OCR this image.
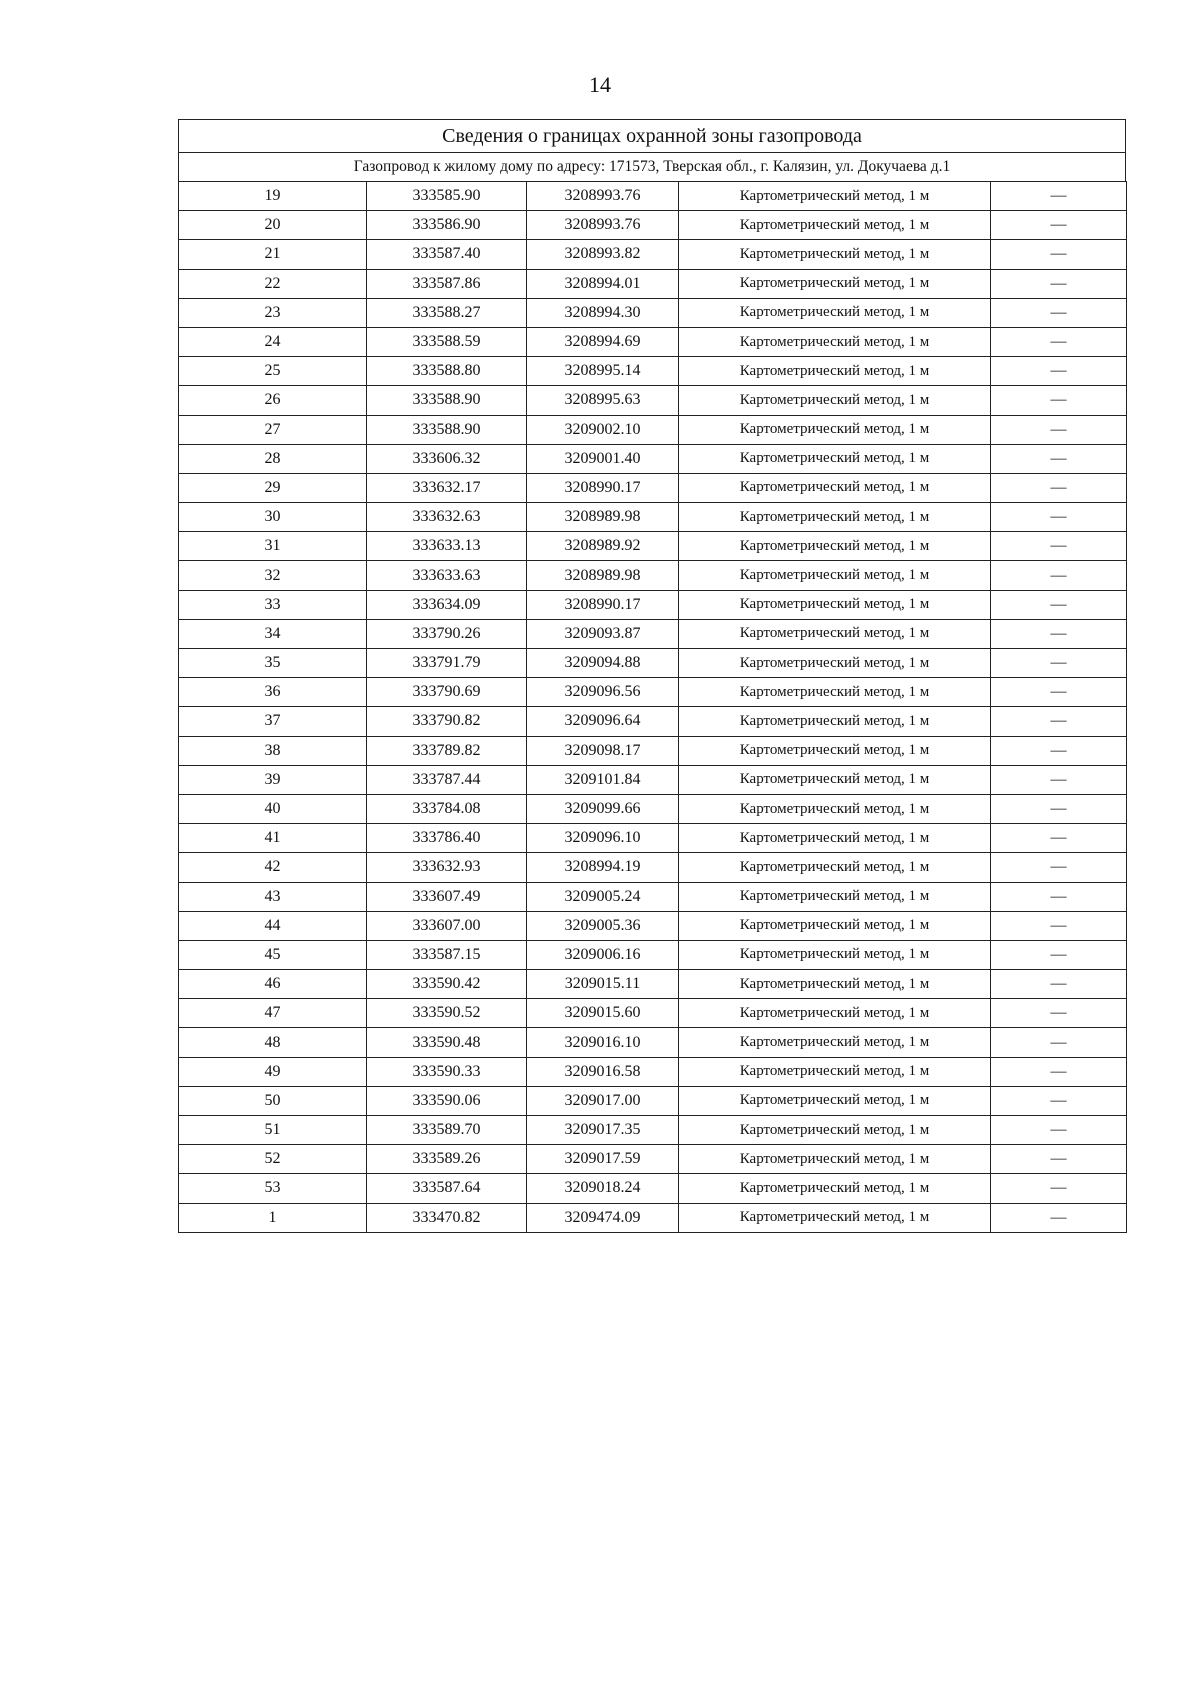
14
Сведения о границах охранной зоны газопровода
Газопровод к жилому дому по адресу: 171573, Тверская обл., г. Калязин, ул. Докучаева д.1
19	333585.90	3208993.76	Картометрический метод, 1 м	—
20	333586.90	3208993.76	Картометрический метод, 1 м	—
21	333587.40	3208993.82	Картометрический метод, 1 м	—
22	333587.86	3208994.01	Картометрический метод, 1 м	—
23	333588.27	3208994.30	Картометрический метод, 1 м	—
24	333588.59	3208994.69	Картометрический метод, 1 м	—
25	333588.80	3208995.14	Картометрический метод, 1 м	—
26	333588.90	3208995.63	Картометрический метод, 1 м	—
27	333588.90	3209002.10	Картометрический метод, 1 м	—
28	333606.32	3209001.40	Картометрический метод, 1 м	—
29	333632.17	3208990.17	Картометрический метод, 1 м	—
30	333632.63	3208989.98	Картометрический метод, 1 м	—
31	333633.13	3208989.92	Картометрический метод, 1 м	—
32	333633.63	3208989.98	Картометрический метод, 1 м	—
33	333634.09	3208990.17	Картометрический метод, 1 м	—
34	333790.26	3209093.87	Картометрический метод, 1 м	—
35	333791.79	3209094.88	Картометрический метод, 1 м	—
36	333790.69	3209096.56	Картометрический метод, 1 м	—
37	333790.82	3209096.64	Картометрический метод, 1 м	—
38	333789.82	3209098.17	Картометрический метод, 1 м	—
39	333787.44	3209101.84	Картометрический метод, 1 м	—
40	333784.08	3209099.66	Картометрический метод, 1 м	—
41	333786.40	3209096.10	Картометрический метод, 1 м	—
42	333632.93	3208994.19	Картометрический метод, 1 м	—
43	333607.49	3209005.24	Картометрический метод, 1 м	—
44	333607.00	3209005.36	Картометрический метод, 1 м	—
45	333587.15	3209006.16	Картометрический метод, 1 м	—
46	333590.42	3209015.11	Картометрический метод, 1 м	—
47	333590.52	3209015.60	Картометрический метод, 1 м	—
48	333590.48	3209016.10	Картометрический метод, 1 м	—
49	333590.33	3209016.58	Картометрический метод, 1 м	—
50	333590.06	3209017.00	Картометрический метод, 1 м	—
51	333589.70	3209017.35	Картометрический метод, 1 м	—
52	333589.26	3209017.59	Картометрический метод, 1 м	—
53	333587.64	3209018.24	Картометрический метод, 1 м	—
1	333470.82	3209474.09	Картометрический метод, 1 м	—
